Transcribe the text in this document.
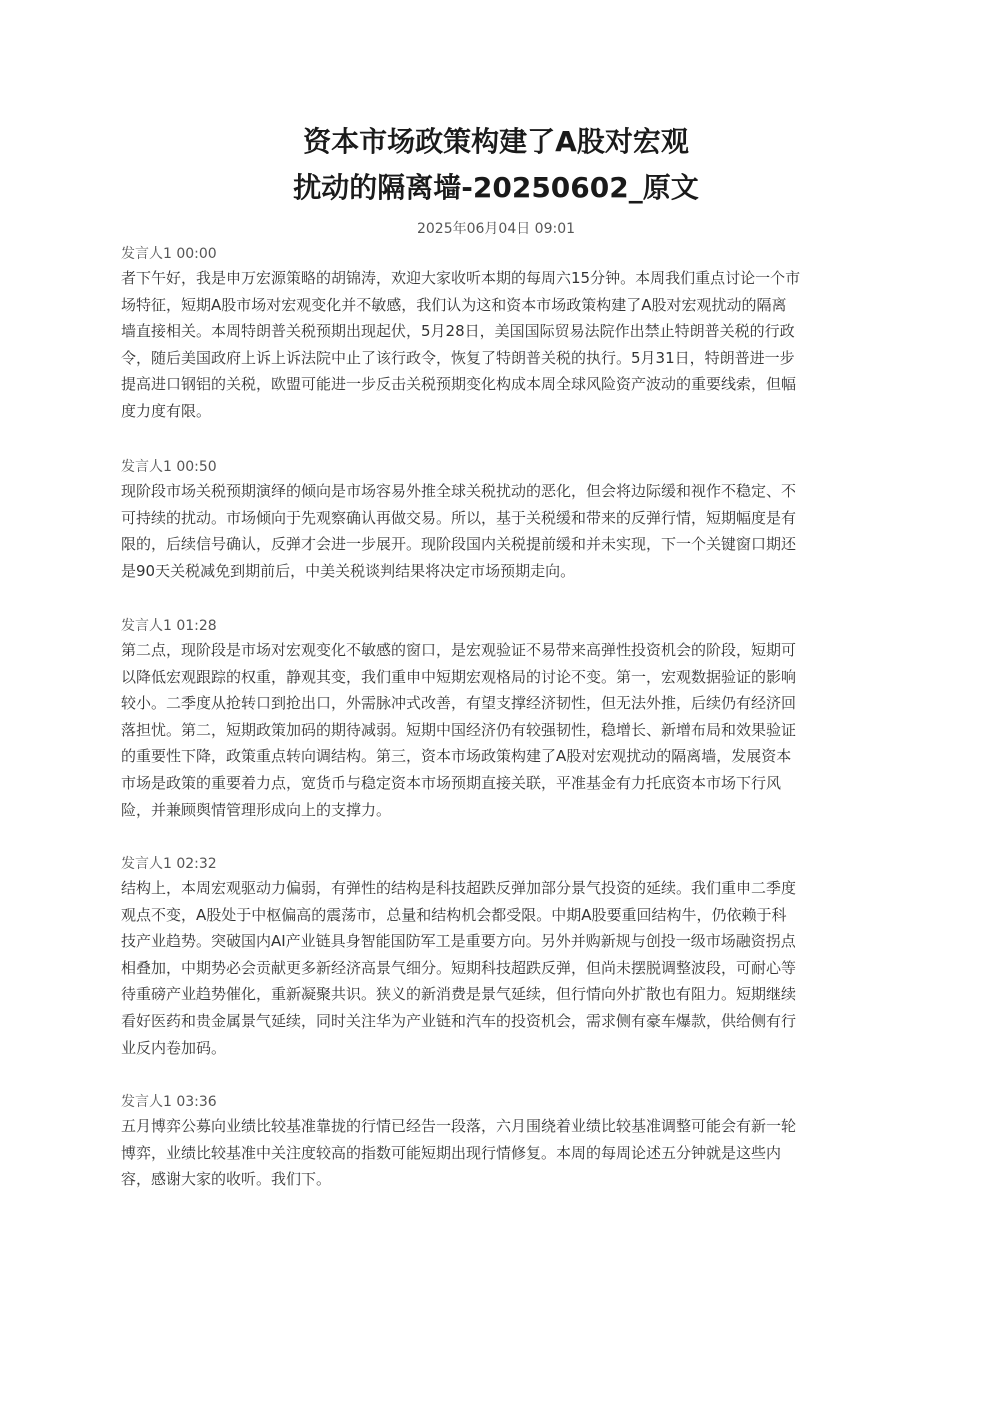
资本市场政策构建了A股对宏观
扰动的隔离墙-20250602_原文
2025年06月04日 09:01

发言人1 00:00

者下午好，我是申万宏源策略的胡锦涛，欢迎大家收听本期的每周六15分钟。本周我们重点讨论一个市
场特征，短期A股市场对宏观变化并不敏感，我们认为这和资本市场政策构建了A股对宏观扰动的隔离
墙直接相关。本周特朗普关税预期出现起伏，5月28日，美国国际贸易法院作出禁止特朗普关税的行政
令，随后美国政府上诉上诉法院中止了该行政令，恢复了特朗普关税的执行。5月31日，特朗普进一步
提高进口钢铝的关税，欧盟可能进一步反击关税预期变化构成本周全球风险资产波动的重要线索，但幅
度力度有限。

发言人1 00:50

现阶段市场关税预期演绎的倾向是市场容易外推全球关税扰动的恶化，但会将边际缓和视作不稳定、不
可持续的扰动。市场倾向于先观察确认再做交易。所以，基于关税缓和带来的反弹行情，短期幅度是有
限的，后续信号确认，反弹才会进一步展开。现阶段国内关税提前缓和并未实现，下一个关键窗口期还
是90天关税减免到期前后，中美关税谈判结果将决定市场预期走向。

发言人1 01:28

第二点，现阶段是市场对宏观变化不敏感的窗口，是宏观验证不易带来高弹性投资机会的阶段，短期可
以降低宏观跟踪的权重，静观其变，我们重申中短期宏观格局的讨论不变。第一，宏观数据验证的影响
较小。二季度从抢转口到抢出口，外需脉冲式改善，有望支撑经济韧性，但无法外推，后续仍有经济回
落担忧。第二，短期政策加码的期待减弱。短期中国经济仍有较强韧性，稳增长、新增布局和效果验证
的重要性下降，政策重点转向调结构。第三，资本市场政策构建了A股对宏观扰动的隔离墙，发展资本
市场是政策的重要着力点，宽货币与稳定资本市场预期直接关联，平准基金有力托底资本市场下行风
险，并兼顾舆情管理形成向上的支撑力。

发言人1 02:32

结构上，本周宏观驱动力偏弱，有弹性的结构是科技超跌反弹加部分景气投资的延续。我们重申二季度
观点不变，A股处于中枢偏高的震荡市，总量和结构机会都受限。中期A股要重回结构牛，仍依赖于科
技产业趋势。突破国内AI产业链具身智能国防军工是重要方向。另外并购新规与创投一级市场融资拐点
相叠加，中期势必会贡献更多新经济高景气细分。短期科技超跌反弹，但尚未摆脱调整波段，可耐心等
待重磅产业趋势催化，重新凝聚共识。狭义的新消费是景气延续，但行情向外扩散也有阻力。短期继续
看好医药和贵金属景气延续，同时关注华为产业链和汽车的投资机会，需求侧有豪车爆款，供给侧有行
业反内卷加码。

发言人1 03:36

五月博弈公募向业绩比较基准靠拢的行情已经告一段落，六月围绕着业绩比较基准调整可能会有新一轮
博弈，业绩比较基准中关注度较高的指数可能短期出现行情修复。本周的每周论述五分钟就是这些内
容，感谢大家的收听。我们下。
